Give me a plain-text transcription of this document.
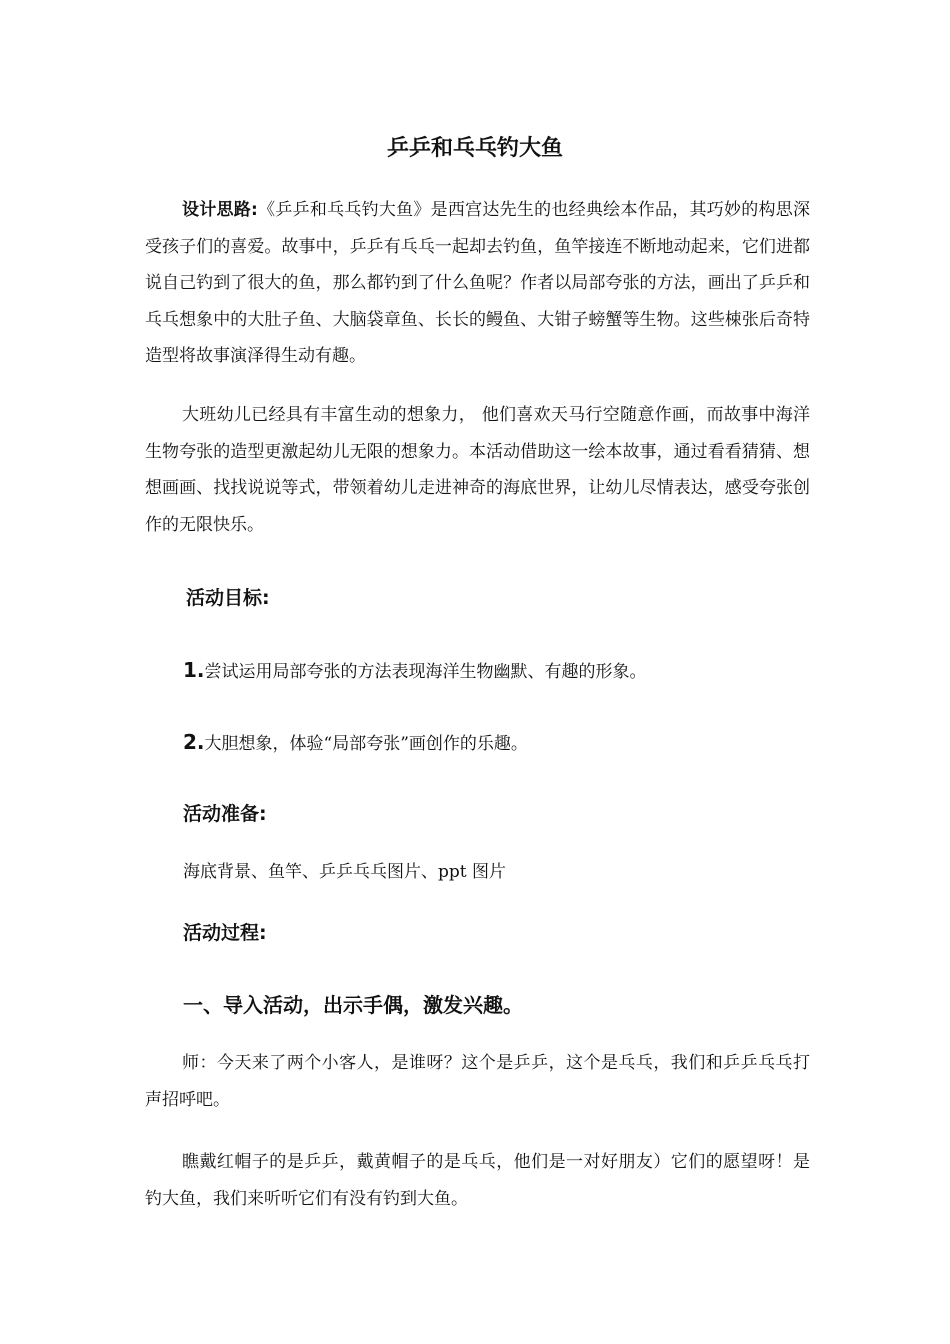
乒乒和乓乓钓大鱼

设计思路:《乒乒和乓乓钓大鱼》是西宫达先生的也经典绘本作品，其巧妙的构思深受孩子们的喜爱。故事中，乒乒有乓乓一起却去钓鱼，鱼竿接连不断地动起来，它们进都说自己钓到了很大的鱼，那么都钓到了什么鱼呢？作者以局部夸张的方法，画出了乒乒和乓乓想象中的大肚子鱼、大脑袋章鱼、长长的鳗鱼、大钳子螃蟹等生物。这些梀张后奇特造型将故事演泽得生动有趣。

大班幼儿已经具有丰富生动的想象力， 他们喜欢天马行空随意作画，而故事中海洋生物夸张的造型更激起幼儿无限的想象力。本活动借助这一绘本故事，通过看看猜猜、想想画画、找找说说等式，带领着幼儿走进神奇的海底世界，让幼儿尽情表达，感受夸张创作的无限快乐。

活动目标:

1.尝试运用局部夸张的方法表现海洋生物幽默、有趣的形象。

2.大胆想象，体验“局部夸张”画创作的乐趣。

活动准备:

海底背景、鱼竿、乒乒乓乓图片、ppt 图片

活动过程:
一、导入活动，出示手偶，激发兴趣。

师：今天来了两个小客人，是谁呀？这个是乒乒，这个是乓乓，我们和乒乒乓乓打声招呼吧。

瞧戴红帽子的是乒乒，戴黄帽子的是乓乓，他们是一对好朋友）它们的愿望呀！是钓大鱼，我们来听听它们有没有钓到大鱼。
